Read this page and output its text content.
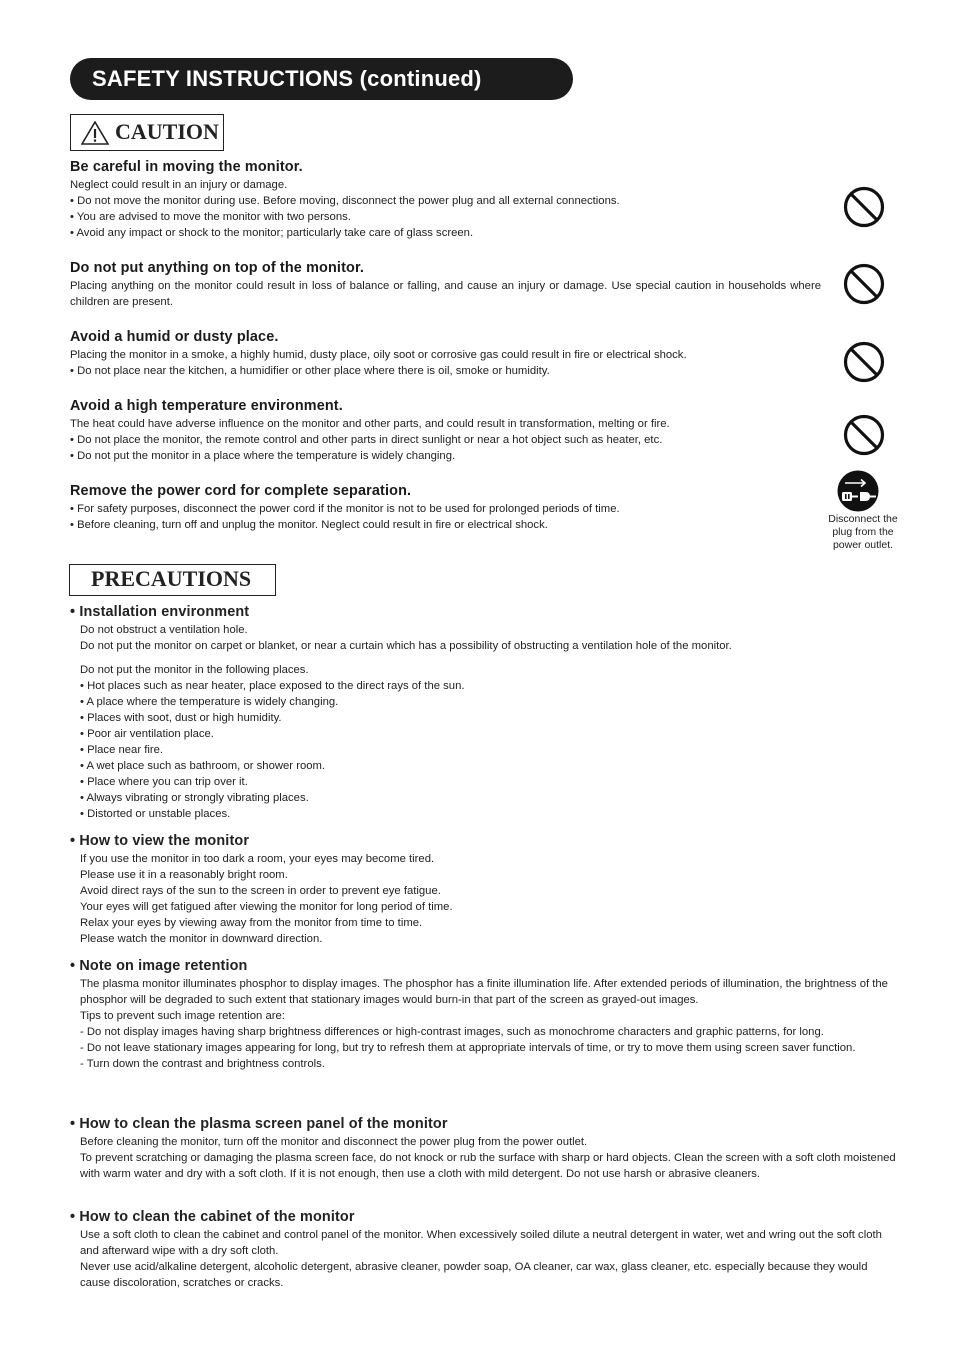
SAFETY INSTRUCTIONS (continued)
CAUTION
Be careful in moving the monitor.

Neglect could result in an injury or damage.

• Do not move the monitor during use. Before moving, disconnect the power plug and all external connections.

• You are advised to move the monitor with two persons.

• Avoid any impact or shock to the monitor; particularly take care of glass screen.

Do not put anything on top of the monitor.

Placing anything on the monitor could result in loss of balance or falling, and cause an injury or damage. Use special caution in households where children are present.

Avoid a humid or dusty place.

Placing the monitor in a smoke, a highly humid, dusty place, oily soot or corrosive gas could result in fire or electrical shock.

• Do not place near the kitchen, a humidifier or other place where there is oil, smoke or humidity.

Avoid a high temperature environment.

The heat could have adverse influence on the monitor and other parts, and could result in transformation, melting or fire.

• Do not place the monitor, the remote control and other parts in direct sunlight or near a hot object such as heater, etc.

• Do not put the monitor in a place where the temperature is widely changing.

Remove the power cord for complete separation.

• For safety purposes, disconnect the power cord if the monitor is not to be used for prolonged periods of time.

• Before cleaning, turn off and unplug the monitor. Neglect could result in fire or electrical shock.	Disconnect the
plug from the
power outlet.
PRECAUTIONS
• Installation environment

Do not obstruct a ventilation hole.

Do not put the monitor on carpet or blanket, or near a curtain which has a possibility of obstructing a ventilation hole of the monitor.

Do not put the monitor in the following places.

• Hot places such as near heater, place exposed to the direct rays of the sun.

• A place where the temperature is widely changing.

• Places with soot, dust or high humidity.

• Poor air ventilation place.

• Place near fire.

• A wet place such as bathroom, or shower room.

• Place where you can trip over it.

• Always vibrating or strongly vibrating places.

• Distorted or unstable places.

• How to view the monitor

If you use the monitor in too dark a room, your eyes may become tired.

Please use it in a reasonably bright room.

Avoid direct rays of the sun to the screen in order to prevent eye fatigue.

Your eyes will get fatigued after viewing the monitor for long period of time.

Relax your eyes by viewing away from the monitor from time to time.

Please watch the monitor in downward direction.

• Note on image retention

The plasma monitor illuminates phosphor to display images. The phosphor has a finite illumination life. After extended periods of illumination, the brightness of the phosphor will be degraded to such extent that stationary images would burn-in that part of the screen as grayed-out images.

Tips to prevent such image retention are:

- Do not display images having sharp brightness differences or high-contrast images, such as monochrome characters and graphic patterns, for long.

- Do not leave stationary images appearing for long, but try to refresh them at appropriate intervals of time, or try to move them using screen saver function.

- Turn down the contrast and brightness controls.

• How to clean the plasma screen panel of the monitor

Before cleaning the monitor, turn off the monitor and disconnect the power plug from the power outlet.

To prevent scratching or damaging the plasma screen face, do not knock or rub the surface with sharp or hard objects. Clean the screen with a soft cloth moistened with warm water and dry with a soft cloth. If it is not enough, then use a cloth with mild detergent. Do not use harsh or abrasive cleaners.

• How to clean the cabinet of the monitor

Use a soft cloth to clean the cabinet and control panel of the monitor. When excessively soiled dilute a neutral detergent in water, wet and wring out the soft cloth and afterward wipe with a dry soft cloth.

Never use acid/alkaline detergent, alcoholic detergent, abrasive cleaner, powder soap, OA cleaner, car wax, glass cleaner, etc. especially because they would cause discoloration, scratches or cracks.
